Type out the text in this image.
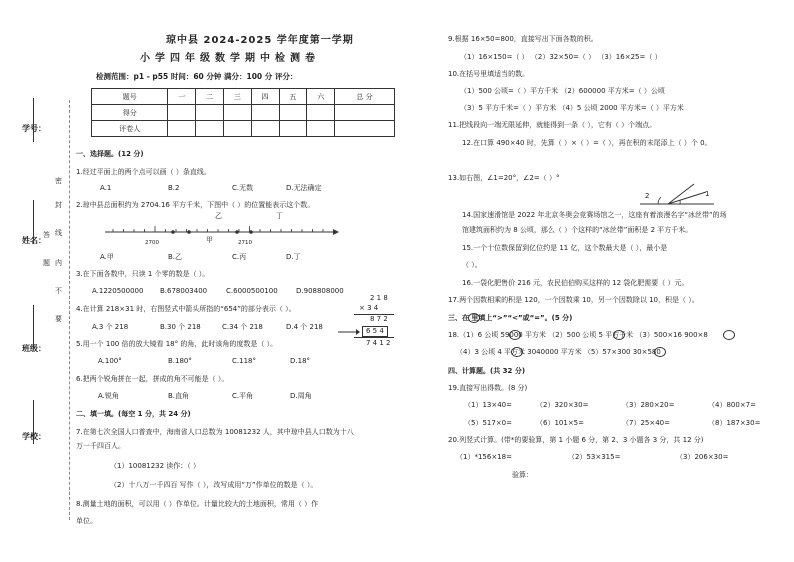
学号：
姓名：
班级：
学校：
密
封
线
内
不
要
答
题
琼中县 2024-2025 学年度第一学期
小学四年级数学期中检测卷
检测范围：p1 - p55 时间：60 分钟 满分：100 分 评分：
题号	一	二	三	四	五	六	总 分
得分							
评卷人							
一、选择题。(12 分)
1.经过平面上的两个点可以画（ ）条直线。
A.1	B.2	C.无数	D.无法确定
2.琼中县总面积约为 2704.16 平方千米，下图中（ ）的位置能表示这个数。
2700	2710
甲
乙	丁
A.甲	B.乙	C.丙	D.丁
3.在下面各数中，只读 1 个零的数是（ ）。
A.1220500000 B.678003400	C.6000500100	D.908808000
4.在计算 218×31 时，右图竖式中箭头所指的“654”的部分表示（ ）。
A.3 个 218	B.30 个 218	C.34 个 218	D.4 个 218
2 1 8
× 3 4
8 7 2
6 5 4
7 4 1 2
5.用一个 100 倍的放大镜看 18° 的角，此时该角的度数是（ ）。
A.100°	B.180°	C.118°	D.18°
6.把两个锐角拼在一起，拼成的角不可能是（ ）。
A.锐角	B.直角	C.平角	D.周角
二、填一填。(每空 1 分，共 24 分)
7.在第七次全国人口普查中，海南省人口总数为 10081232 人，其中琼中县人口数为十八
万一千四百人。
（1）10081232 读作：（ ）
（2）十八万一千四百 写作（ ），改写成用“万”作单位的数是（ ）。
8.测量土地的面积，可以用（ ）作单位。计量比较大的土地面积，常用（ ）作
单位。
9.根据 16×50=800，直接写出下面各数的积。
（1）16×150=（ ） （2）32×50=（ ） （3）16×25=（ ）
10.在括号里填适当的数。
（1）500 公顷=（ ）平方千米 （2）600000 平方米=（ ）公顷
（3）5 平方千米=（ ）平方米 （4）5 公顷 2000 平方米=（ ）平方米
11.把线段向一端无限延伸，就能得到一条（ ），它有（ ）个端点。
12.在口算 490×40 时，先算（ ）×（ ）=（ ），再在积的末尾添上（ ）个 0。
13.如右图，∠1=20°，∠2=（ ）°
2	1
14.国家速滑馆是 2022 年北京冬奥会竞赛场馆之一，这座有着浪漫名字“冰丝带”的场
馆建筑面积约为 8 公顷，那么（ ）个这样的“冰丝带”面积是 2 平方千米。
15.一个十位数保留到亿位约是 11 亿，这个数最大是（ ），最小是
（ ）。
16.一袋化肥售价 216 元，农民伯伯购买这样的 12 袋化肥需要（ ）元。
17.两个因数相乘的积是 120，一个因数乘 10，另一个因数除以 10，积是（ ）。
三、在 里填上“>”“<”或“=”。(5 分)
18.（1）6 公顷 59000 平方米 （2）500 公顷 5 平方千米 （3）500×16 900×8
（4）3 公顷 4 平方米 3040000 平方米 （5）57×300 30×580
四、计算题。(共 32 分)
19.直接写出得数。(8 分)
（1）13×40=	（2）320×30=	（3）280×20=	（4）800×7=
（5）517×0=	（6）101×5=	（7）25×40=	（8）187×30=
20.列竖式计算。(带*的要验算，第 1 小题 6 分，第 2、3 小题各 3 分，共 12 分)
（1）*156×18=	（2）53×315=	（3）206×30=
验算：
